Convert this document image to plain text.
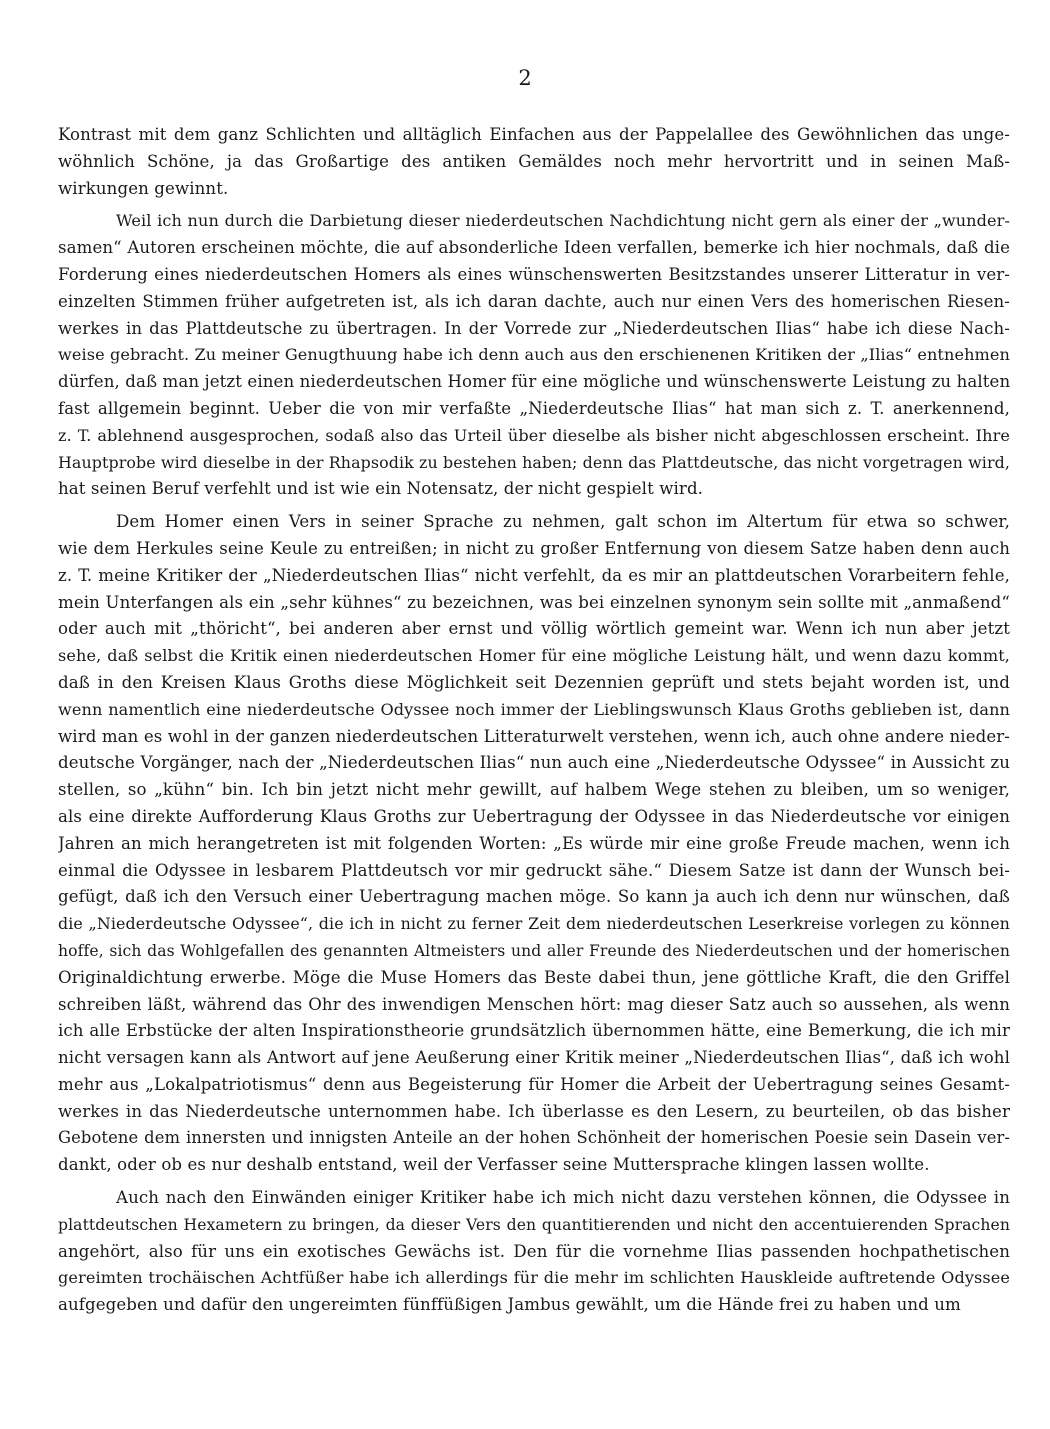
2
Kontrast mit dem ganz Schlichten und alltäglich Einfachen aus der Pappelallee des Gewöhnlichen das unge-
wöhnlich Schöne, ja das Großartige des antiken Gemäldes noch mehr hervortritt und in seinen Maß-
wirkungen gewinnt.
Weil ich nun durch die Darbietung dieser niederdeutschen Nachdichtung nicht gern als einer der „wunder-
samen“ Autoren erscheinen möchte, die auf absonderliche Ideen verfallen, bemerke ich hier nochmals, daß die
Forderung eines niederdeutschen Homers als eines wünschenswerten Besitzstandes unserer Litteratur in ver-
einzelten Stimmen früher aufgetreten ist, als ich daran dachte, auch nur einen Vers des homerischen Riesen-
werkes in das Plattdeutsche zu übertragen. In der Vorrede zur „Niederdeutschen Ilias“ habe ich diese Nach-
weise gebracht. Zu meiner Genugthuung habe ich denn auch aus den erschienenen Kritiken der „Ilias“ entnehmen
dürfen, daß man jetzt einen niederdeutschen Homer für eine mögliche und wünschenswerte Leistung zu halten
fast allgemein beginnt. Ueber die von mir verfaßte „Niederdeutsche Ilias“ hat man sich z. T. anerkennend,
z. T. ablehnend ausgesprochen, sodaß also das Urteil über dieselbe als bisher nicht abgeschlossen erscheint. Ihre
Hauptprobe wird dieselbe in der Rhapsodik zu bestehen haben; denn das Plattdeutsche, das nicht vorgetragen wird,
hat seinen Beruf verfehlt und ist wie ein Notensatz, der nicht gespielt wird.
Dem Homer einen Vers in seiner Sprache zu nehmen, galt schon im Altertum für etwa so schwer,
wie dem Herkules seine Keule zu entreißen; in nicht zu großer Entfernung von diesem Satze haben denn auch
z. T. meine Kritiker der „Niederdeutschen Ilias“ nicht verfehlt, da es mir an plattdeutschen Vorarbeitern fehle,
mein Unterfangen als ein „sehr kühnes“ zu bezeichnen, was bei einzelnen synonym sein sollte mit „anmaßend“
oder auch mit „thöricht“, bei anderen aber ernst und völlig wörtlich gemeint war. Wenn ich nun aber jetzt
sehe, daß selbst die Kritik einen niederdeutschen Homer für eine mögliche Leistung hält, und wenn dazu kommt,
daß in den Kreisen Klaus Groths diese Möglichkeit seit Dezennien geprüft und stets bejaht worden ist, und
wenn namentlich eine niederdeutsche Odyssee noch immer der Lieblingswunsch Klaus Groths geblieben ist, dann
wird man es wohl in der ganzen niederdeutschen Litteraturwelt verstehen, wenn ich, auch ohne andere nieder-
deutsche Vorgänger, nach der „Niederdeutschen Ilias“ nun auch eine „Niederdeutsche Odyssee“ in Aussicht zu
stellen, so „kühn“ bin. Ich bin jetzt nicht mehr gewillt, auf halbem Wege stehen zu bleiben, um so weniger,
als eine direkte Aufforderung Klaus Groths zur Uebertragung der Odyssee in das Niederdeutsche vor einigen
Jahren an mich herangetreten ist mit folgenden Worten: „Es würde mir eine große Freude machen, wenn ich
einmal die Odyssee in lesbarem Plattdeutsch vor mir gedruckt sähe.“ Diesem Satze ist dann der Wunsch bei-
gefügt, daß ich den Versuch einer Uebertragung machen möge. So kann ja auch ich denn nur wünschen, daß
die „Niederdeutsche Odyssee“, die ich in nicht zu ferner Zeit dem niederdeutschen Leserkreise vorlegen zu können
hoffe, sich das Wohlgefallen des genannten Altmeisters und aller Freunde des Niederdeutschen und der homerischen
Originaldichtung erwerbe. Möge die Muse Homers das Beste dabei thun, jene göttliche Kraft, die den Griffel
schreiben läßt, während das Ohr des inwendigen Menschen hört: mag dieser Satz auch so aussehen, als wenn
ich alle Erbstücke der alten Inspirationstheorie grundsätzlich übernommen hätte, eine Bemerkung, die ich mir
nicht versagen kann als Antwort auf jene Aeußerung einer Kritik meiner „Niederdeutschen Ilias“, daß ich wohl
mehr aus „Lokalpatriotismus“ denn aus Begeisterung für Homer die Arbeit der Uebertragung seines Gesamt-
werkes in das Niederdeutsche unternommen habe. Ich überlasse es den Lesern, zu beurteilen, ob das bisher
Gebotene dem innersten und innigsten Anteile an der hohen Schönheit der homerischen Poesie sein Dasein ver-
dankt, oder ob es nur deshalb entstand, weil der Verfasser seine Muttersprache klingen lassen wollte.
Auch nach den Einwänden einiger Kritiker habe ich mich nicht dazu verstehen können, die Odyssee in
plattdeutschen Hexametern zu bringen, da dieser Vers den quantitierenden und nicht den accentuierenden Sprachen
angehört, also für uns ein exotisches Gewächs ist. Den für die vornehme Ilias passenden hochpathetischen
gereimten trochäischen Achtfüßer habe ich allerdings für die mehr im schlichten Hauskleide auftretende Odyssee
aufgegeben und dafür den ungereimten fünffüßigen Jambus gewählt, um die Hände frei zu haben und um
